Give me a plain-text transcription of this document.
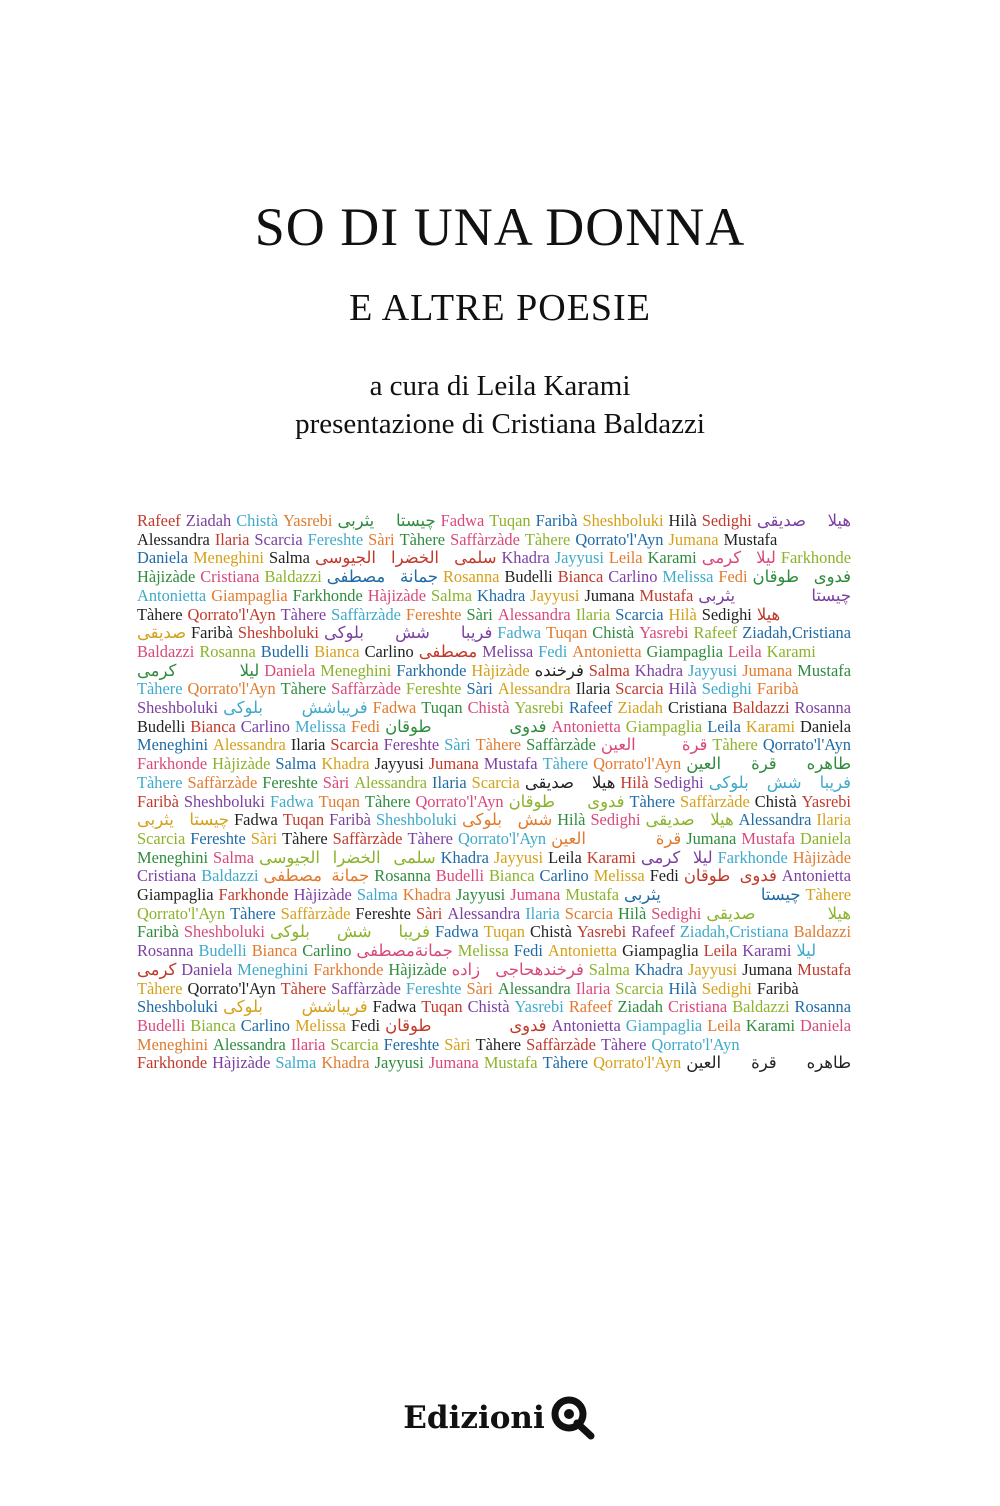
SO DI UNA DONNA
E ALTRE POESIE

a cura di Leila Karami

presentazione di Cristiana Baldazzi

Rafeef Ziadah Chistà Yasrebi چیستا یثربی Fadwa Tuqan Faribà Sheshboluki Hilà Sedighi هیلا صدیقی
Alessandra Ilaria Scarcia Fereshte Sàri Tàhere Saffàrzàde Tàhere Qorrato'l'Ayn Jumana Mustafa
Daniela Meneghini Salma سلمی الخضرا الجیوسی Khadra Jayyusi Leila Karami لیلا کرمی Farkhonde
Hàjizàde Cristiana Baldazzi جمانة مصطفى Rosanna Budelli Bianca Carlino Melissa Fedi فدوی طوقان
Antonietta Giampaglia Farkhonde Hàjizàde Salma Khadra Jayyusi Jumana Mustafa چیستا یثربی
Tàhere Qorrato'l'Ayn Tàhere Saffàrzàde Fereshte Sàri Alessandra Ilaria Scarcia Hilà Sedighi هیلا
صدیقی Faribà Sheshboluki فریبا شش بلوکی Fadwa Tuqan Chistà Yasrebi Rafeef Ziadah,Cristiana
Baldazzi Rosanna Budelli Bianca Carlino مصطفی Melissa Fedi Antonietta Giampaglia Leila Karami
لیلا کرمی Daniela Meneghini Farkhonde Hàjizàde فرخنده Salma Khadra Jayyusi Jumana Mustafa
Tàhere Qorrato'l'Ayn Tàhere Saffàrzàde Fereshte Sàri Alessandra Ilaria Scarcia Hilà Sedighi Faribà
Sheshboluki فریباشش بلوکی Fadwa Tuqan Chistà Yasrebi Rafeef Ziadah Cristiana Baldazzi Rosanna
Budelli Bianca Carlino Melissa Fedi فدوی طوقان Antonietta Giampaglia Leila Karami Daniela
Meneghini Alessandra Ilaria Scarcia Fereshte Sàri Tàhere Saffàrzàde قرة العين Tàhere Qorrato'l'Ayn
Farkhonde Hàjizàde Salma Khadra Jayyusi Jumana Mustafa Tàhere Qorrato'l'Ayn طاهره قرة العين
Tàhere Saffàrzàde Fereshte Sàri Alessandra Ilaria Scarcia هیلا صدیقی Hilà Sedighi فریبا شش بلوکی
Faribà Sheshboluki Fadwa Tuqan Tàhere Qorrato'l'Ayn فدوی طوقان Tàhere Saffàrzàde Chistà Yasrebi
چیستا یثربی Fadwa Tuqan Faribà Sheshboluki شش بلوکی Hilà Sedighi هیلا صدیقی Alessandra Ilaria
Scarcia Fereshte Sàri Tàhere Saffàrzàde Tàhere Qorrato'l'Ayn قرة العين Jumana Mustafa Daniela
Meneghini Salma سلمی الخضرا الجیوسی Khadra Jayyusi Leila Karami لیلا کرمی Farkhonde Hàjizàde
Cristiana Baldazzi جمانة مصطفى Rosanna Budelli Bianca Carlino Melissa Fedi فدوی طوقان Antonietta
Giampaglia Farkhonde Hàjizàde Salma Khadra Jayyusi Jumana Mustafa چیستا یثربی Tàhere
Qorrato'l'Ayn Tàhere Saffàrzàde Fereshte Sàri Alessandra Ilaria Scarcia Hilà Sedighi هیلا صدیقی
Faribà Sheshboluki فریبا شش بلوکی Fadwa Tuqan Chistà Yasrebi Rafeef Ziadah,Cristiana Baldazzi
Rosanna Budelli Bianca Carlino جمانةمصطفی Melissa Fedi Antonietta Giampaglia Leila Karami لیلا
کرمی Daniela Meneghini Farkhonde Hàjizàde فرخندهحاجی زاده Salma Khadra Jayyusi Jumana Mustafa
Tàhere Qorrato'l'Ayn Tàhere Saffàrzàde Fereshte Sàri Alessandra Ilaria Scarcia Hilà Sedighi Faribà
Sheshboluki فریباشش بلوکی Fadwa Tuqan Chistà Yasrebi Rafeef Ziadah Cristiana Baldazzi Rosanna
Budelli Bianca Carlino Melissa Fedi فدوی طوقان Antonietta Giampaglia Leila Karami Daniela
Meneghini Alessandra Ilaria Scarcia Fereshte Sàri Tàhere Saffàrzàde Tàhere Qorrato'l'Ayn
Farkhonde Hàjizàde Salma Khadra Jayyusi Jumana Mustafa Tàhere Qorrato'l'Ayn طاهره قرة العين
Edizioni
